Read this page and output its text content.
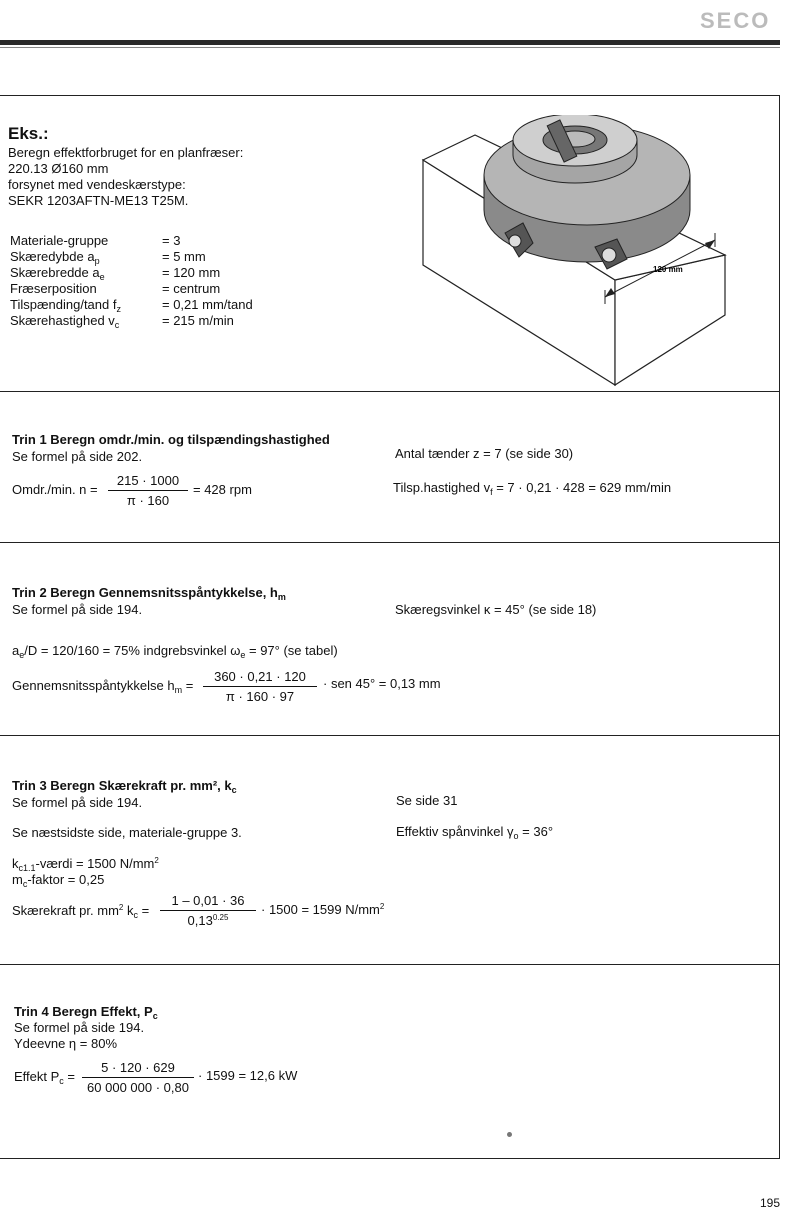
SECO
Eks.:
Beregn effektforbruget for en planfræser:
220.13 Ø160 mm
forsynet med vendeskærstype:
SEKR 1203AFTN-ME13 T25M.
Materiale-gruppe	= 3
Skæredybde $a_p$	= 5 mm
Skærebredde $a_e$	= 120 mm
Fræserposition	= centrum
Tilspænding/tand $f_z$	= 0,21 mm/tand
Skærehastighed $v_c$	= 215 m/min
120 mm
Trin 1 Beregn omdr./min. og tilspændingshastighed
Se formel på side 202.
Omdr./min. $n = \frac{215 \cdot 1000}{\pi \cdot 160} = 428$ rpm
Antal tænder z = 7 (se side 30)
Tilsp.hastighed $v_f = 7 \cdot 0,21 \cdot 428 = 629$ mm/min
Trin 2 Beregn Gennemsnitsspåntykkelse, $h_m$
Se formel på side 194.	Skæregsvinkel κ = 45° (se side 18)
$a_e/D = 120/160 = 75\%$ indgrebsvinkel $\omega_e = 97^\circ$ (se tabel)
Gennemsnitsspåntykkelse $h_m = \frac{360 \cdot 0,21 \cdot 120}{\pi \cdot 160 \cdot 97}$ · sen 45° = 0,13 mm
Trin 3 Beregn Skærekraft pr. mm², $k_c$
Se formel på side 194.
Se næstsidste side, materiale-gruppe 3.
Se side 31
Effektiv spånvinkel $\gamma_o = 36^\circ$
$k_{c1.1}$-værdi = 1500 $N/mm^2$
$m_c$-faktor = 0,25
Skærekraft pr. $mm^2$ $k_c = \frac{1 - 0,01 \cdot 36}{0,13^{0.25}} \cdot 1500 = 1599$ $N/mm^2$
Trin 4 Beregn Effekt, $P_c$
Se formel på side 194.
Ydeevne η = 80%
Effekt $P_c = \frac{5 \cdot 120 \cdot 629}{60 000 000 \cdot 0,80} \cdot 1599 = 12,6$ kW
195
